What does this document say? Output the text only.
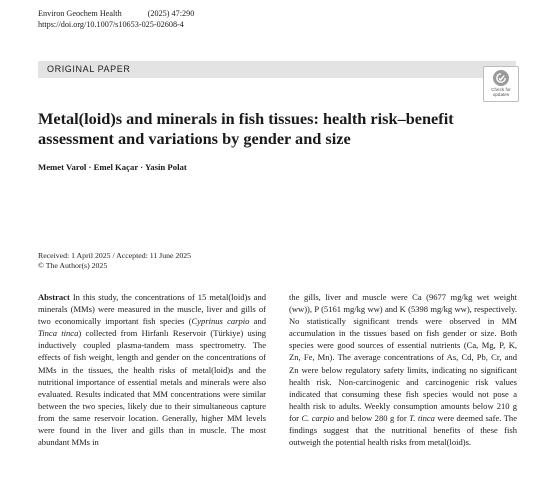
Environ Geochem Health	(2025) 47:290
https://doi.org/10.1007/s10653-025-02608-4
ORIGINAL PAPER
Check for
updates
Metal(loid)s and minerals in fish tissues: health risk–benefit assessment and variations by gender and size
Memet Varol · Emel Kaçar · Yasin Polat
Received: 1 April 2025 / Accepted: 11 June 2025
© The Author(s) 2025
Abstract In this study, the concentrations of 15 metal(loid)s and minerals (MMs) were measured in the muscle, liver and gills of two economically important fish species (Cyprinus carpio and Tinca tinca) collected from Hirfanlı Reservoir (Türkiye) using inductively coupled plasma-tandem mass spectrometry. The effects of fish weight, length and gender on the concentrations of MMs in the tissues, the health risks of metal(loid)s and the nutritional importance of essential metals and minerals were also evaluated. Results indicated that MM concentrations were similar between the two species, likely due to their simultaneous capture from the same reservoir location. Generally, higher MM levels were found in the liver and gills than in muscle. The most abundant MMs in
the gills, liver and muscle were Ca (9677 mg/kg wet weight (ww)), P (5161 mg/kg ww) and K (5398 mg/kg ww), respectively. No statistically significant trends were observed in MM accumulation in the tissues based on fish gender or size. Both species were good sources of essential nutrients (Ca, Mg, P, K, Zn, Fe, Mn). The average concentrations of As, Cd, Pb, Cr, and Zn were below regulatory safety limits, indicating no significant health risk. Non-carcinogenic and carcinogenic risk values indicated that consuming these fish species would not pose a health risk to adults. Weekly consumption amounts below 210 g for C. carpio and below 280 g for T. tinca were deemed safe. The findings suggest that the nutritional benefits of these fish outweigh the potential health risks from metal(loid)s.
